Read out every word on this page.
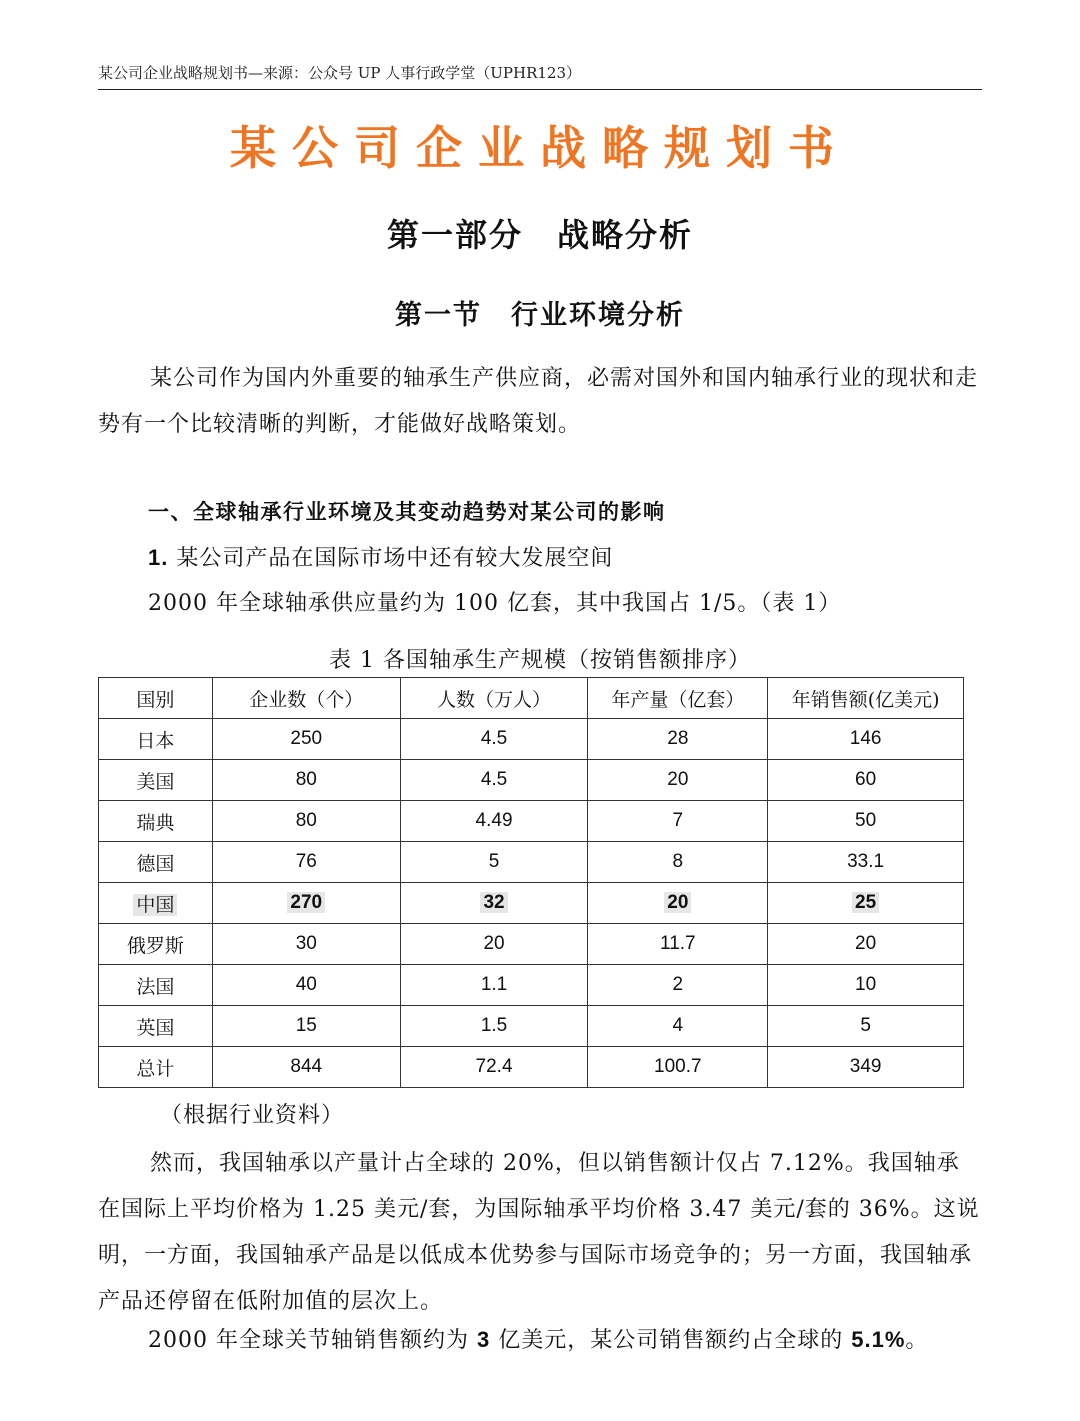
某公司企业战略规划书—来源：公众号 UP 人事行政学堂（UPHR123）
某公司企业战略规划书
第一部分　战略分析
第一节　行业环境分析
某公司作为国内外重要的轴承生产供应商，必需对国外和国内轴承行业的现状和走势有一个比较清晰的判断，才能做好战略策划。
一、全球轴承行业环境及其变动趋势对某公司的影响
1. 某公司产品在国际市场中还有较大发展空间
2000 年全球轴承供应量约为 100 亿套，其中我国占 1/5。（表 1）
表 1 各国轴承生产规模（按销售额排序）
国别	企业数（个）	人数（万人）	年产量（亿套）	年销售额(亿美元)
日本	250	4.5	28	146
美国	80	4.5	20	60
瑞典	80	4.49	7	50
德国	76	5	8	33.1
中国	270	32	20	25
俄罗斯	30	20	11.7	20
法国	40	1.1	2	10
英国	15	1.5	4	5
总计	844	72.4	100.7	349
（根据行业资料）
然而，我国轴承以产量计占全球的 20%，但以销售额计仅占 7.12%。我国轴承在国际上平均价格为 1.25 美元/套，为国际轴承平均价格 3.47 美元/套的 36%。这说明，一方面，我国轴承产品是以低成本优势参与国际市场竞争的；另一方面，我国轴承产品还停留在低附加值的层次上。
2000 年全球关节轴销售额约为 3 亿美元，某公司销售额约占全球的 5.1%。
